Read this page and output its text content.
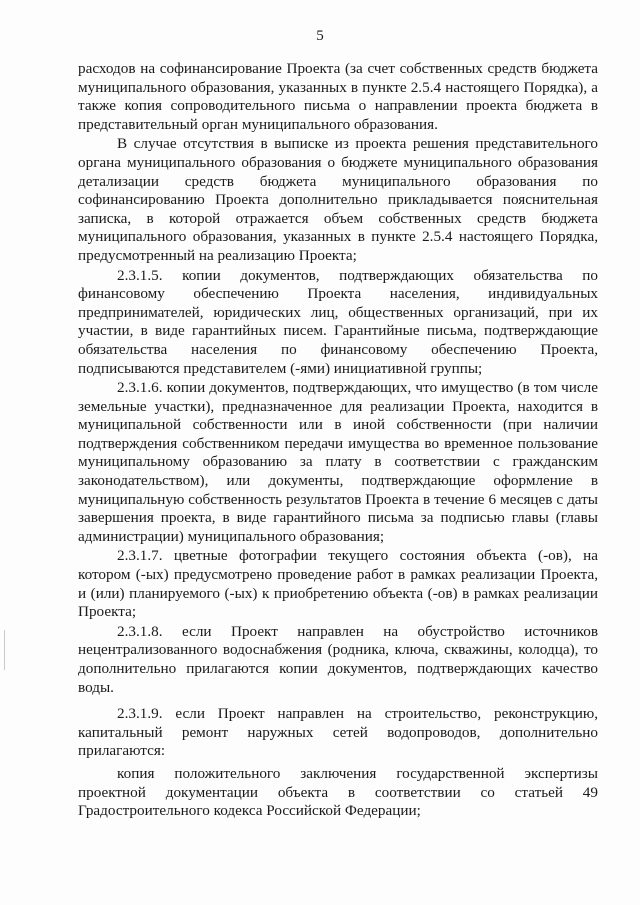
5

расходов на софинансирование Проекта (за счет собственных средств бюджета муниципального образования, указанных в пункте 2.5.4 настоящего Порядка), а также копия сопроводительного письма о направлении проекта бюджета в представительный орган муниципального образования.

В случае отсутствия в выписке из проекта решения представительного органа муниципального образования о бюджете муниципального образования детализации средств бюджета муниципального образования по софинансированию Проекта дополнительно прикладывается пояснительная записка, в которой отражается объем собственных средств бюджета муниципального образования, указанных в пункте 2.5.4 настоящего Порядка, предусмотренный на реализацию Проекта;

2.3.1.5. копии документов, подтверждающих обязательства по финансовому обеспечению Проекта населения, индивидуальных предпринимателей, юридических лиц, общественных организаций, при их участии, в виде гарантийных писем. Гарантийные письма, подтверждающие обязательства населения по финансовому обеспечению Проекта, подписываются представителем (-ями) инициативной группы;

2.3.1.6. копии документов, подтверждающих, что имущество (в том числе земельные участки), предназначенное для реализации Проекта, находится в муниципальной собственности или в иной собственности (при наличии подтверждения собственником передачи имущества во временное пользование муниципальному образованию за плату в соответствии с гражданским законодательством), или документы, подтверждающие оформление в муниципальную собственность результатов Проекта в течение 6 месяцев с даты завершения проекта, в виде гарантийного письма за подписью главы (главы администрации) муниципального образования;

2.3.1.7. цветные фотографии текущего состояния объекта (-ов), на котором (-ых) предусмотрено проведение работ в рамках реализации Проекта, и (или) планируемого (-ых) к приобретению объекта (-ов) в рамках реализации Проекта;

2.3.1.8. если Проект направлен на обустройство источников нецентрализованного водоснабжения (родника, ключа, скважины, колодца), то дополнительно прилагаются копии документов, подтверждающих качество воды.

2.3.1.9. если Проект направлен на строительство, реконструкцию, капитальный ремонт наружных сетей водопроводов, дополнительно прилагаются:

копия положительного заключения государственной экспертизы проектной документации объекта в соответствии со статьей 49 Градостроительного кодекса Российской Федерации;
